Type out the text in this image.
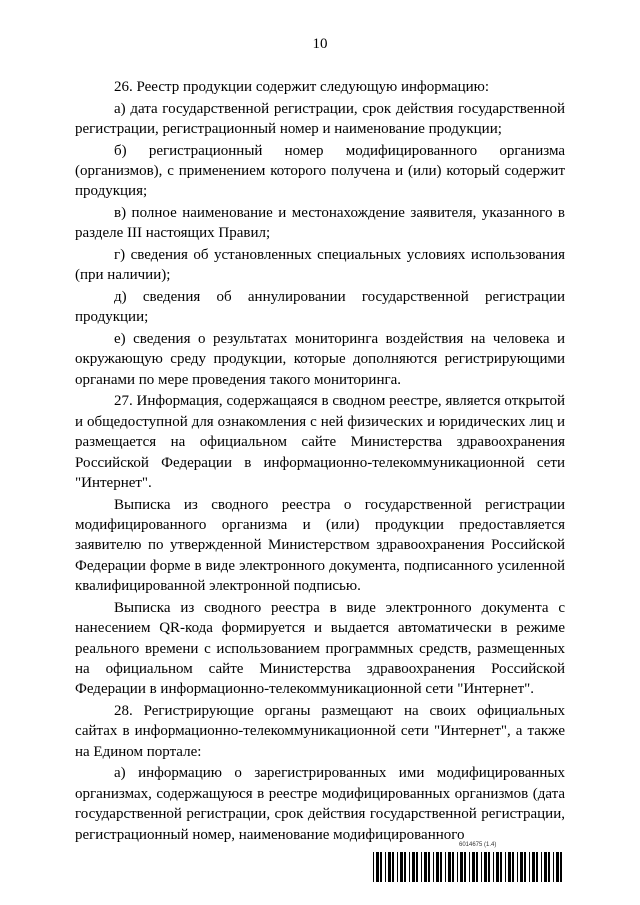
10

26. Реестр продукции содержит следующую информацию:

а) дата государственной регистрации, срок действия государственной регистрации, регистрационный номер и наименование продукции;

б) регистрационный номер модифицированного организма (организмов), с применением которого получена и (или) который содержит продукция;

в) полное наименование и местонахождение заявителя, указанного в разделе III настоящих Правил;

г) сведения об установленных специальных условиях использования (при наличии);

д) сведения об аннулировании государственной регистрации продукции;

е) сведения о результатах мониторинга воздействия на человека и окружающую среду продукции, которые дополняются регистрирующими органами по мере проведения такого мониторинга.

27. Информация, содержащаяся в сводном реестре, является открытой и общедоступной для ознакомления с ней физических и юридических лиц и размещается на официальном сайте Министерства здравоохранения Российской Федерации в информационно-телекоммуникационной сети "Интернет".

Выписка из сводного реестра о государственной регистрации модифицированного организма и (или) продукции предоставляется заявителю по утвержденной Министерством здравоохранения Российской Федерации форме в виде электронного документа, подписанного усиленной квалифицированной электронной подписью.

Выписка из сводного реестра в виде электронного документа с нанесением QR-кода формируется и выдается автоматически в режиме реального времени с использованием программных средств, размещенных на официальном сайте Министерства здравоохранения Российской Федерации в информационно-телекоммуникационной сети "Интернет".

28. Регистрирующие органы размещают на своих официальных сайтах в информационно-телекоммуникационной сети "Интернет", а также на Едином портале:

а) информацию о зарегистрированных ими модифицированных организмах, содержащуюся в реестре модифицированных организмов (дата государственной регистрации, срок действия государственной регистрации, регистрационный номер, наименование модифицированного

6014675 (1.4)
